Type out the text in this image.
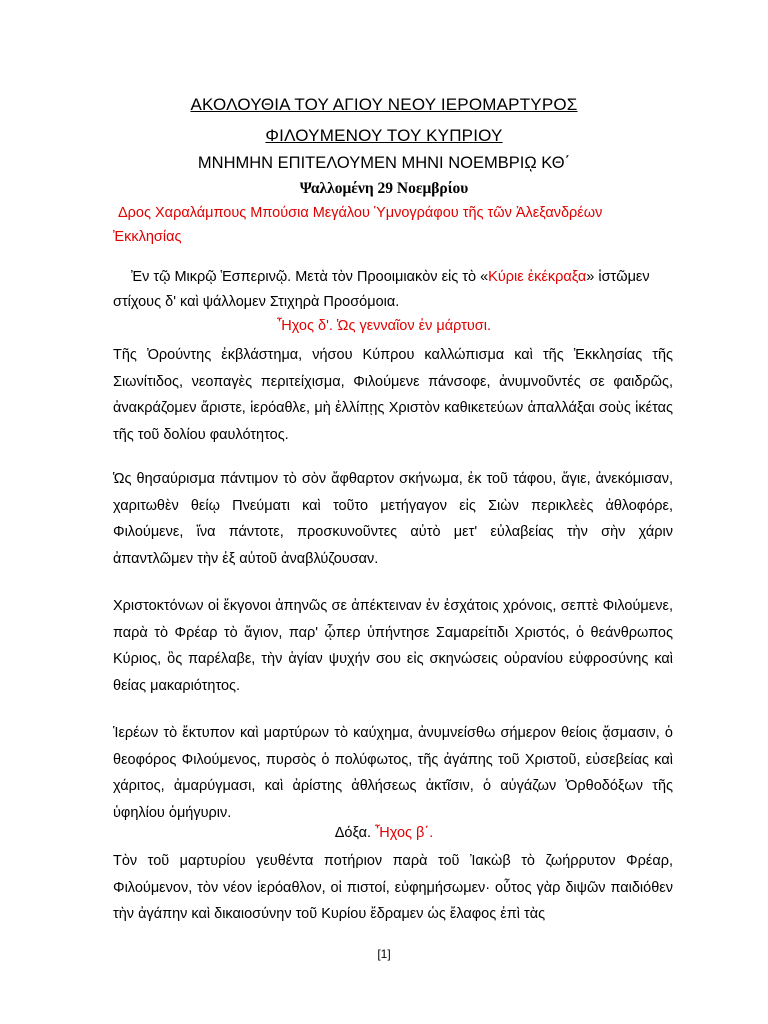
ΑΚΟΛΟΥΘΙΑ ΤΟΥ ΑΓΙΟΥ ΝΕΟΥ ΙΕΡΟΜΑΡΤΥΡΟΣ
ΦΙΛΟΥΜΕΝΟΥ ΤΟΥ ΚΥΠΡΙΟΥ
ΜΝΗΜΗΝ ΕΠΙΤΕΛΟΥΜΕΝ ΜΗΝΙ ΝΟΕΜΒΡΙῼ ΚΘ΄
Ψαλλομένη 29 Νοεμβρίου
Δρος Χαραλάμπους Μπούσια Μεγάλου Ὑμνογράφου τῆς τῶν Ἀλεξανδρέων Ἐκκλησίας
Ἐν τῷ Μικρῷ Ἑσπερινῷ. Μετὰ τὸν Προοιμιακὸν εἰς τὸ «Κύριε ἐκέκραξα» ἱστῶμεν στίχους δ' καὶ ψάλλομεν Στιχηρὰ Προσόμοια.
Ἦχος δ'. Ὡς γενναῖον ἐν μάρτυσι.
Τῆς Ὀρούντης ἐκβλάστημα, νήσου Κύπρου καλλώπισμα καὶ τῆς Ἐκκλησίας τῆς Σιωνίτιδος, νεοπαγὲς περιτείχισμα, Φιλούμενε πάνσοφε, ἀνυμνοῦντές σε φαιδρῶς, ἀνακράζομεν ἄριστε, ἱερόαθλε, μὴ ἐλλίπῃς Χριστὸν καθικετεύων ἀπαλλάξαι σοὺς ἱκέτας τῆς τοῦ δολίου φαυλότητος.
Ὡς θησαύρισμα πάντιμον τὸ σὸν ἄφθαρτον σκήνωμα, ἐκ τοῦ τάφου, ἅγιε, ἀνεκόμισαν, χαριτωθὲν θείῳ Πνεύματι καὶ τοῦτο μετήγαγον εἰς Σιὼν περικλεὲς ἀθλοφόρε, Φιλούμενε, ἵνα πάντοτε, προσκυνοῦντες αὐτὸ μετ' εὐλαβείας τὴν σὴν χάριν ἀπαντλῶμεν τὴν ἐξ αὐτοῦ ἀναβλύζουσαν.
Χριστοκτόνων οἱ ἔκγονοι ἀπηνῶς σε ἀπέκτειναν ἐν ἐσχάτοις χρόνοις, σεπτὲ Φιλούμενε, παρὰ τὸ Φρέαρ τὸ ἅγιον, παρ' ᾧπερ ὑπήντησε Σαμαρείτιδι Χριστός, ὁ θεάνθρωπος Κύριος, ὃς παρέλαβε, τὴν ἁγίαν ψυχήν σου εἰς σκηνώσεις οὐρανίου εὐφροσύνης καὶ θείας μακαριότητος.
Ἱερέων τὸ ἔκτυπον καὶ μαρτύρων τὸ καύχημα, ἀνυμνείσθω σήμερον θείοις ᾄσμασιν, ὁ θεοφόρος Φιλούμενος, πυρσὸς ὁ πολύφωτος, τῆς ἀγάπης τοῦ Χριστοῦ, εὐσεβείας καὶ χάριτος, ἀμαρύγμασι, καὶ ἀρίστης ἀθλήσεως ἀκτῖσιν, ὁ αὐγάζων Ὀρθοδόξων τῆς ὑφηλίου ὁμήγυριν.
Δόξα. Ἦχος β΄.
Τὸν τοῦ μαρτυρίου γευθέντα ποτήριον παρὰ τοῦ Ἰακὼβ τὸ ζωήρρυτον Φρέαρ, Φιλούμενον, τὸν νέον ἱερόαθλον, οἱ πιστοί, εὐφημήσωμεν· οὗτος γὰρ διψῶν παιδιόθεν τὴν ἀγάπην καὶ δικαιοσύνην τοῦ Κυρίου ἔδραμεν ὡς ἔλαφος ἐπὶ τὰς
[1]
